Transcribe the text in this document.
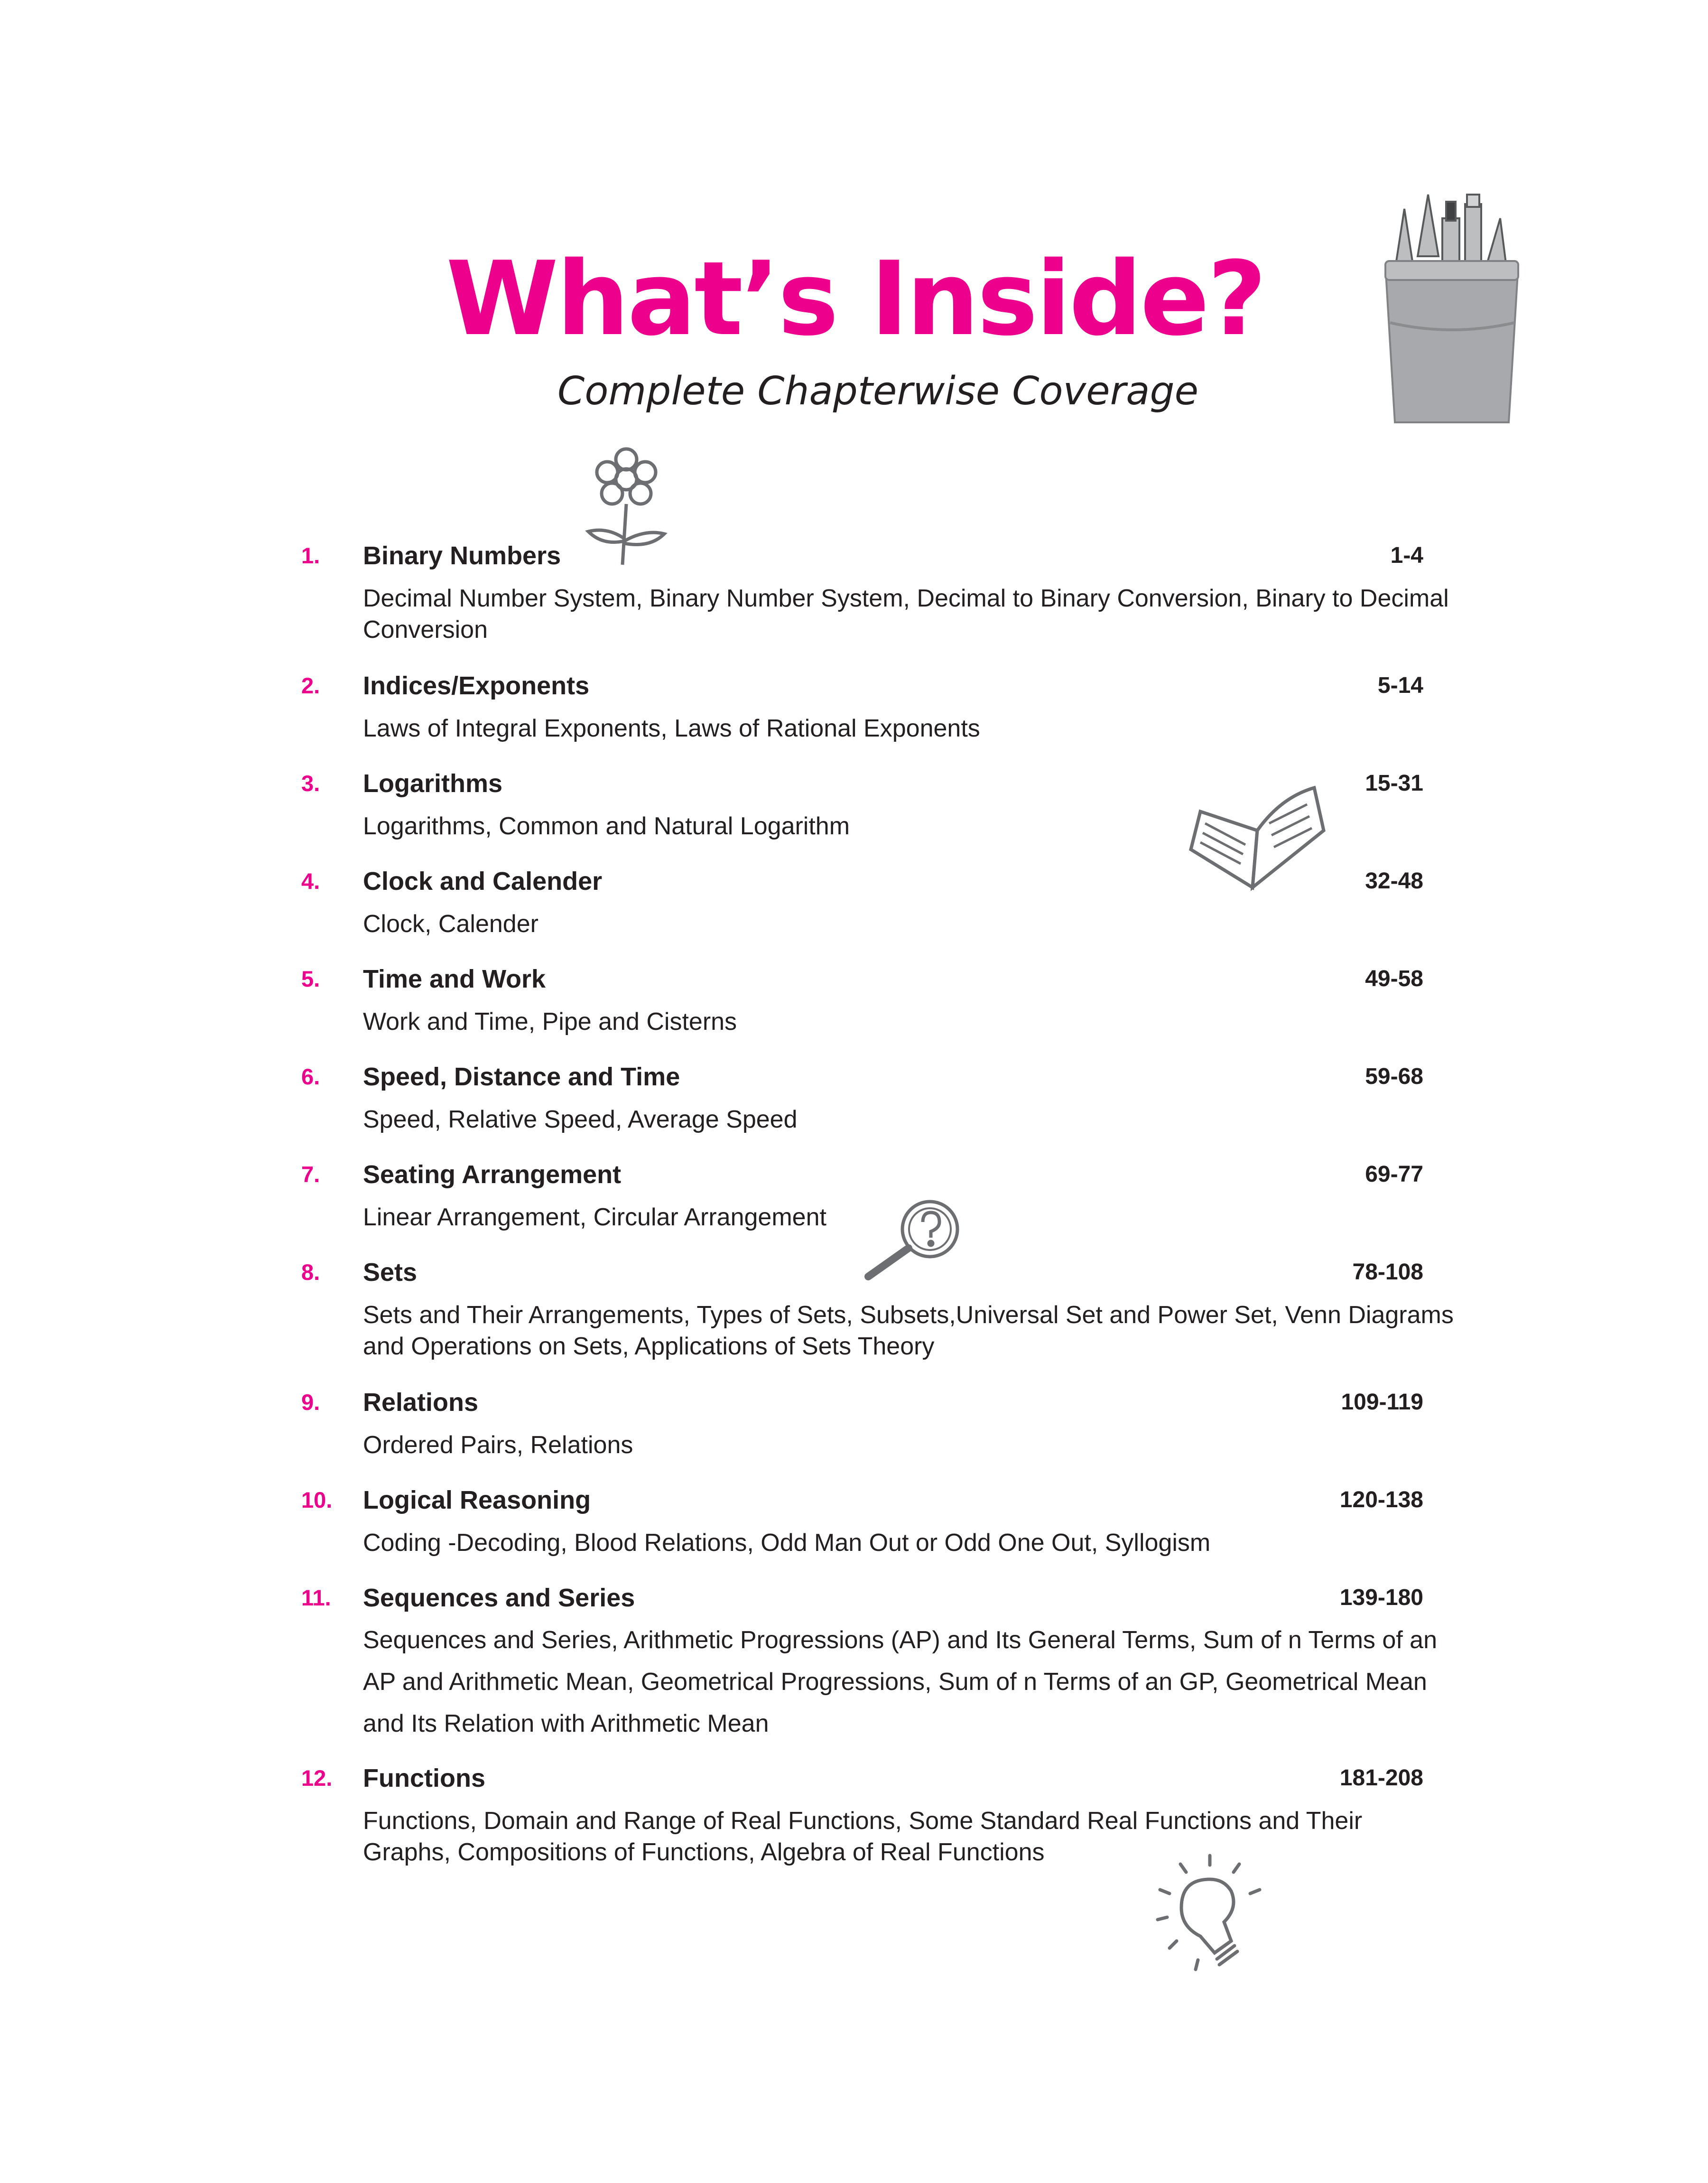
What’s Inside?
Complete Chapterwise Coverage
1. Binary Numbers	1-4
Decimal Number System, Binary Number System, Decimal to Binary Conversion, Binary to Decimal Conversion
2. Indices/Exponents	5-14
Laws of Integral Exponents, Laws of Rational Exponents
3. Logarithms	15-31
Logarithms, Common and Natural Logarithm
4. Clock and Calender	32-48
Clock, Calender
5. Time and Work	49-58
Work and Time, Pipe and Cisterns
6. Speed, Distance and Time	59-68
Speed, Relative Speed, Average Speed
7. Seating Arrangement	69-77
Linear Arrangement, Circular Arrangement
8. Sets	78-108
Sets and Their Arrangements, Types of Sets, Subsets,Universal Set and Power Set, Venn Diagrams and Operations on Sets, Applications of Sets Theory
9. Relations	109-119
Ordered Pairs, Relations
10. Logical Reasoning	120-138
Coding -Decoding, Blood Relations, Odd Man Out or Odd One Out, Syllogism
11. Sequences and Series	139-180
Sequences and Series, Arithmetic Progressions (AP) and Its General Terms, Sum of n Terms of an AP and Arithmetic Mean, Geometrical Progressions, Sum of n Terms of an GP, Geometrical Mean and Its Relation with Arithmetic Mean
12. Functions	181-208
Functions, Domain and Range of Real Functions, Some Standard Real Functions and Their Graphs, Compositions of Functions, Algebra of Real Functions
